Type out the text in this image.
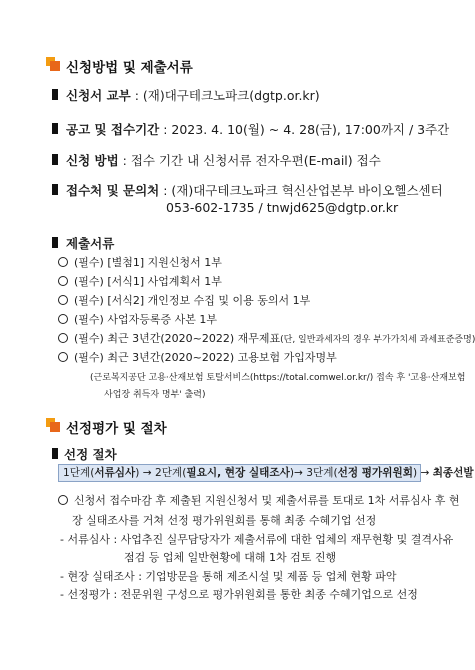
신청방법 및 제출서류
신청서 교부 : (재)대구테크노파크(dgtp.or.kr)
공고 및 접수기간 : 2023. 4. 10(월) ~ 4. 28(금), 17:00까지 / 3주간
신청 방법 : 접수 기간 내 신청서류 전자우편(E-mail) 접수
접수처 및 문의처 : (재)대구테크노파크 혁신산업본부 바이오헬스센터
053-602-1735 / tnwjd625@dgtp.or.kr
제출서류
(필수) [별첨1] 지원신청서 1부
(필수) [서식1] 사업계획서 1부
(필수) [서식2] 개인정보 수집 및 이용 동의서 1부
(필수) 사업자등록증 사본 1부
(필수) 최근 3년간(2020~2022) 재무제표(단, 일반과세자의 경우 부가가치세 과세표준증명)
(필수) 최근 3년간(2020~2022) 고용보험 가입자명부
(근로복지공단 고용·산재보험 토탈서비스(https://total.comwel.or.kr/) 접속 후 '고용·산재보험
사업장 취득자 명부' 출력)
선정평가 및 절차
선정 절차
1단계(서류심사) → 2단계(필요시, 현장 실태조사)→ 3단계(선정 평가위원회) → 최종선발
신청서 접수마감 후 제출된 지원신청서 및 제출서류를 토대로 1차 서류심사 후 현
장 실태조사를 거쳐 선정 평가위원회를 통해 최종 수혜기업 선정
- 서류심사 : 사업추진 실무담당자가 제출서류에 대한 업체의 재무현황 및 결격사유
점검 등 업체 일반현황에 대해 1차 검토 진행
- 현장 실태조사 : 기업방문을 통해 제조시설 및 제품 등 업체 현황 파악
- 선정평가 : 전문위원 구성으로 평가위원회를 통한 최종 수혜기업으로 선정
